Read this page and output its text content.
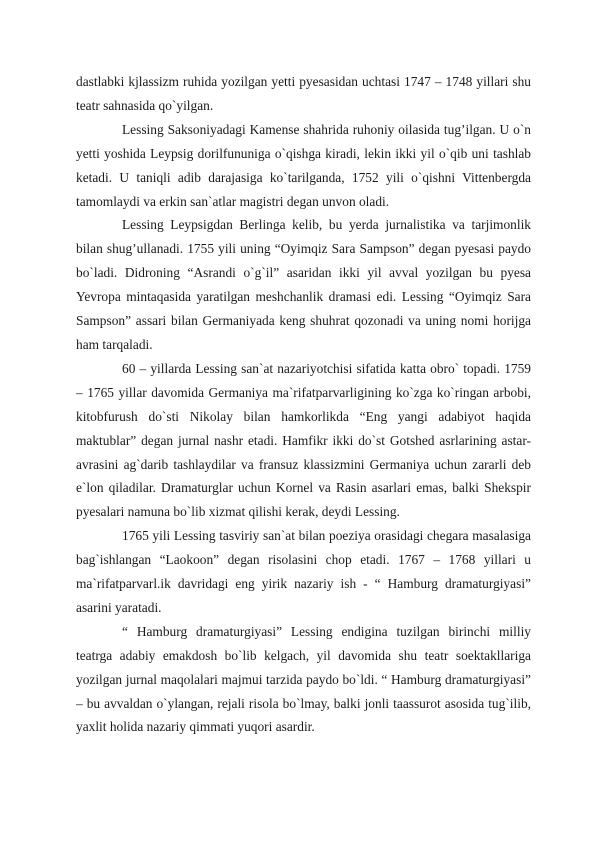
dastlabki kjlassizm ruhida yozilgan yetti pyesasidan uchtasi 1747 – 1748 yillari shu teatr sahnasida qo`yilgan.

Lessing Saksoniyadagi Kamense shahrida ruhoniy oilasida tug’ilgan. U o`n yetti yoshida Leypsig dorilfununiga o`qishga kiradi, lekin ikki yil o`qib uni tashlab ketadi. U taniqli adib darajasiga ko`tarilganda, 1752 yili o`qishni Vittenbergda tamomlaydi va erkin san`atlar magistri degan unvon oladi.

Lessing Leypsigdan Berlinga kelib, bu yerda jurnalistika va tarjimonlik bilan shug’ullanadi. 1755 yili uning “Oyimqiz Sara Sampson” degan pyesasi paydo bo`ladi. Didroning “Asrandi o`g`il” asaridan ikki yil avval yozilgan bu pyesa Yevropa mintaqasida yaratilgan meshchanlik dramasi edi. Lessing “Oyimqiz Sara Sampson” assari bilan Germaniyada keng shuhrat qozonadi va uning nomi horijga ham tarqaladi.

60 – yillarda Lessing san`at nazariyotchisi sifatida katta obro` topadi. 1759 – 1765 yillar davomida Germaniya ma`rifatparvarligining ko`zga ko`ringan arbobi, kitobfurush do`sti Nikolay bilan hamkorlikda “Eng yangi adabiyot haqida maktublar” degan jurnal nashr etadi. Hamfikr ikki do`st Gotshed asrlarining astar-avrasini ag`darib tashlaydilar va fransuz klassizmini Germaniya uchun zararli deb e`lon qiladilar. Dramaturglar uchun Kornel va Rasin asarlari emas, balki Shekspir pyesalari namuna bo`lib xizmat qilishi kerak, deydi Lessing.

1765 yili Lessing tasviriy san`at bilan poeziya orasidagi chegara masalasiga bag`ishlangan “Laokoon” degan risolasini chop etadi. 1767 – 1768 yillari u ma`rifatparvarl.ik davridagi eng yirik nazariy ish - “ Hamburg dramaturgiyasi” asarini yaratadi.

“ Hamburg dramaturgiyasi” Lessing endigina tuzilgan birinchi milliy teatrga adabiy emakdosh bo`lib kelgach, yil davomida shu teatr soektakllariga yozilgan jurnal maqolalari majmui tarzida paydo bo`ldi. “ Hamburg dramaturgiyasi” – bu avvaldan o`ylangan, rejali risola bo`lmay, balki jonli taassurot asosida tug`ilib, yaxlit holida nazariy qimmati yuqori asardir.
